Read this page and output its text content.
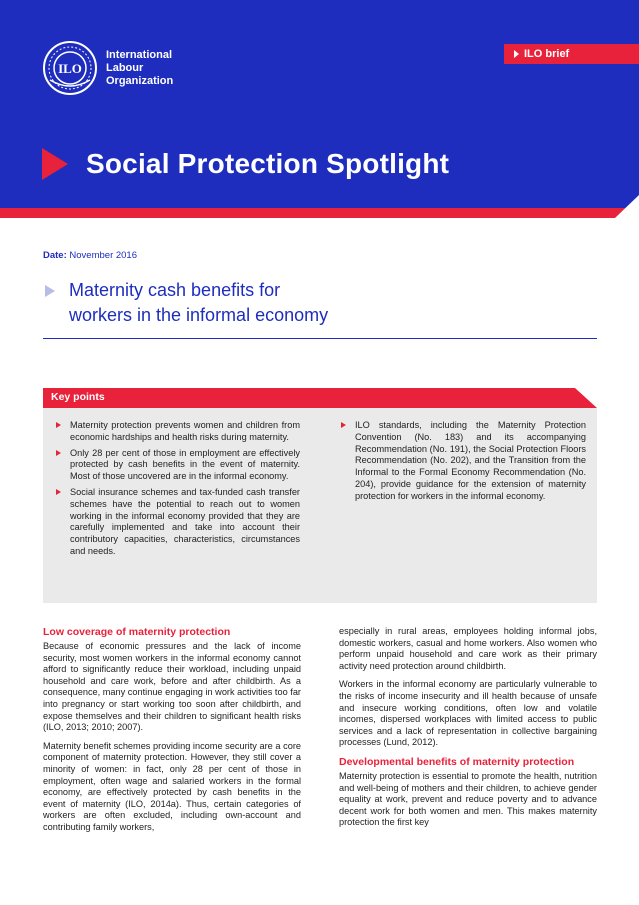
ILO
International
Labour
Organization
ILO brief
Social Protection Spotlight
Date: November 2016
Maternity cash benefits for
workers in the informal economy
Key points
Maternity protection prevents women and children from economic hardships and health risks during maternity.
Only 28 per cent of those in employment are effectively protected by cash benefits in the event of maternity. Most of those uncovered are in the informal economy.
Social insurance schemes and tax-funded cash transfer schemes have the potential to reach out to women working in the informal economy provided that they are carefully implemented and take into account their contributory capacities, characteristics, circumstances and needs.
ILO standards, including the Maternity Protection Convention (No. 183) and its accompanying Recommendation (No. 191), the Social Protection Floors Recommendation (No. 202), and the Transition from the Informal to the Formal Economy Recommendation (No. 204), provide guidance for the extension of maternity protection for workers in the informal economy.
Low coverage of maternity protection

Because of economic pressures and the lack of income security, most women workers in the informal economy cannot afford to significantly reduce their workload, including unpaid household and care work, before and after childbirth. As a consequence, many continue engaging in work activities too far into pregnancy or start working too soon after childbirth, and expose themselves and their children to significant health risks (ILO, 2013; 2010; 2007).

Maternity benefit schemes providing income security are a core component of maternity protection. However, they still cover a minority of women: in fact, only 28 per cent of those in employment, often wage and salaried workers in the formal economy, are effectively protected by cash benefits in the event of maternity (ILO, 2014a). Thus, certain categories of workers are often excluded, including own-account and contributing family workers,

especially in rural areas, employees holding informal jobs, domestic workers, casual and home workers. Also women who perform unpaid household and care work as their primary activity need protection around childbirth.

Workers in the informal economy are particularly vulnerable to the risks of income insecurity and ill health because of unsafe and insecure working conditions, often low and volatile incomes, dispersed workplaces with limited access to public services and a lack of representation in collective bargaining processes (Lund, 2012).

Developmental benefits of maternity protection

Maternity protection is essential to promote the health, nutrition and well-being of mothers and their children, to achieve gender equality at work, prevent and reduce poverty and to advance decent work for both women and men. This makes maternity protection the first key
